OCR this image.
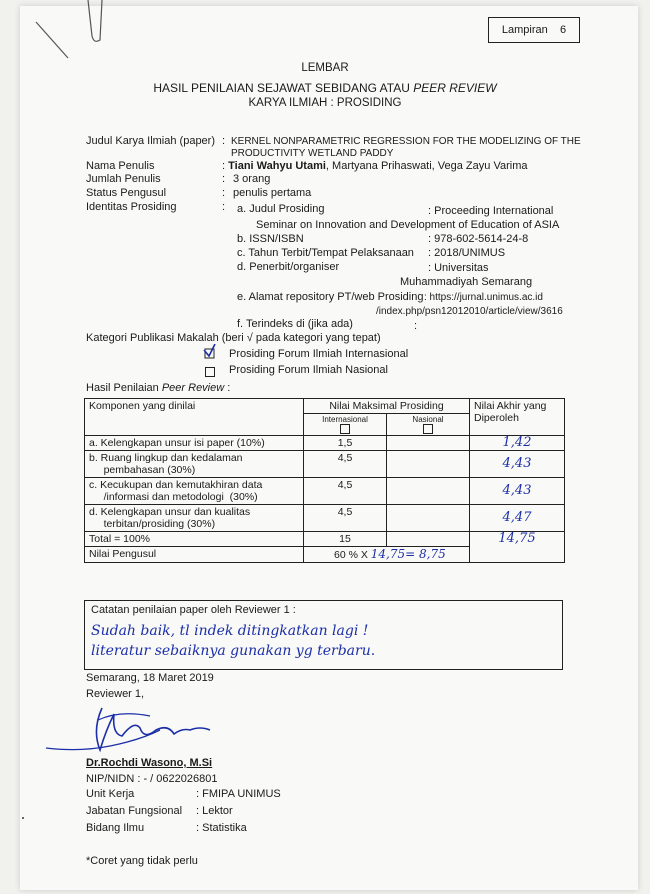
Lampiran 6
LEMBAR
HASIL PENILAIAN SEJAWAT SEBIDANG ATAU PEER REVIEW
KARYA ILMIAH : PROSIDING
Judul Karya Ilmiah (paper) : KERNEL NONPARAMETRIC REGRESSION FOR THE MODELIZING OF THE
PRODUCTIVITY WETLAND PADDY
Nama Penulis	: Tiani Wahyu Utami, Martyana Prihaswati, Vega Zayu Varima
Jumlah Penulis	: 3 orang
Status Pengusul	: penulis pertama
Identitas Prosiding	: a. Judul Prosiding	: Proceeding International
Seminar on Innovation and Development of Education of ASIA
b. ISSN/ISBN	: 978-602-5614-24-8
c. Tahun Terbit/Tempat Pelaksanaan : 2018/UNIMUS
d. Penerbit/organiser	: Universitas
Muhammadiyah Semarang
e. Alamat repository PT/web Prosiding : https://jurnal.unimus.ac.id
/index.php/psn12012010/article/view/3616
f. Terindeks di (jika ada)	:
Kategori Publikasi Makalah (beri √ pada kategori yang tepat)
Prosiding Forum Ilmiah Internasional
Prosiding Forum Ilmiah Nasional
Hasil Penilaian Peer Review :
Komponen yang dinilai	Nilai Maksimal Prosiding		Nilai Akhir yang
Diperoleh
	Internasional	Nasional	

a. Kelengkapan unsur isi paper (10%)	1,5		1,42
b. Ruang lingkup dan kedalaman
pembahasan (30%)	4,5		4,43
c. Kecukupan dan kemutakhiran data
/informasi dan metodologi  (30%)	4,5		4,43
d. Kelengkapan unsur dan kualitas
terbitan/prosiding (30%)	4,5		4,47
Total = 100%	15		14,75
Nilai Pengusul	60 % X 14,75= 8,75		
Catatan penilaian paper oleh Reviewer 1 :
Sudah baik, tl indek ditingkatkan lagi !
literatur sebaiknya gunakan yg terbaru.
Semarang, 18 Maret 2019
Reviewer 1,
Dr.Rochdi Wasono, M.Si
NIP/NIDN : - / 0622026801
Unit Kerja	: FMIPA UNIMUS
Jabatan Fungsional : Lektor
Bidang Ilmu	: Statistika
*Coret yang tidak perlu
